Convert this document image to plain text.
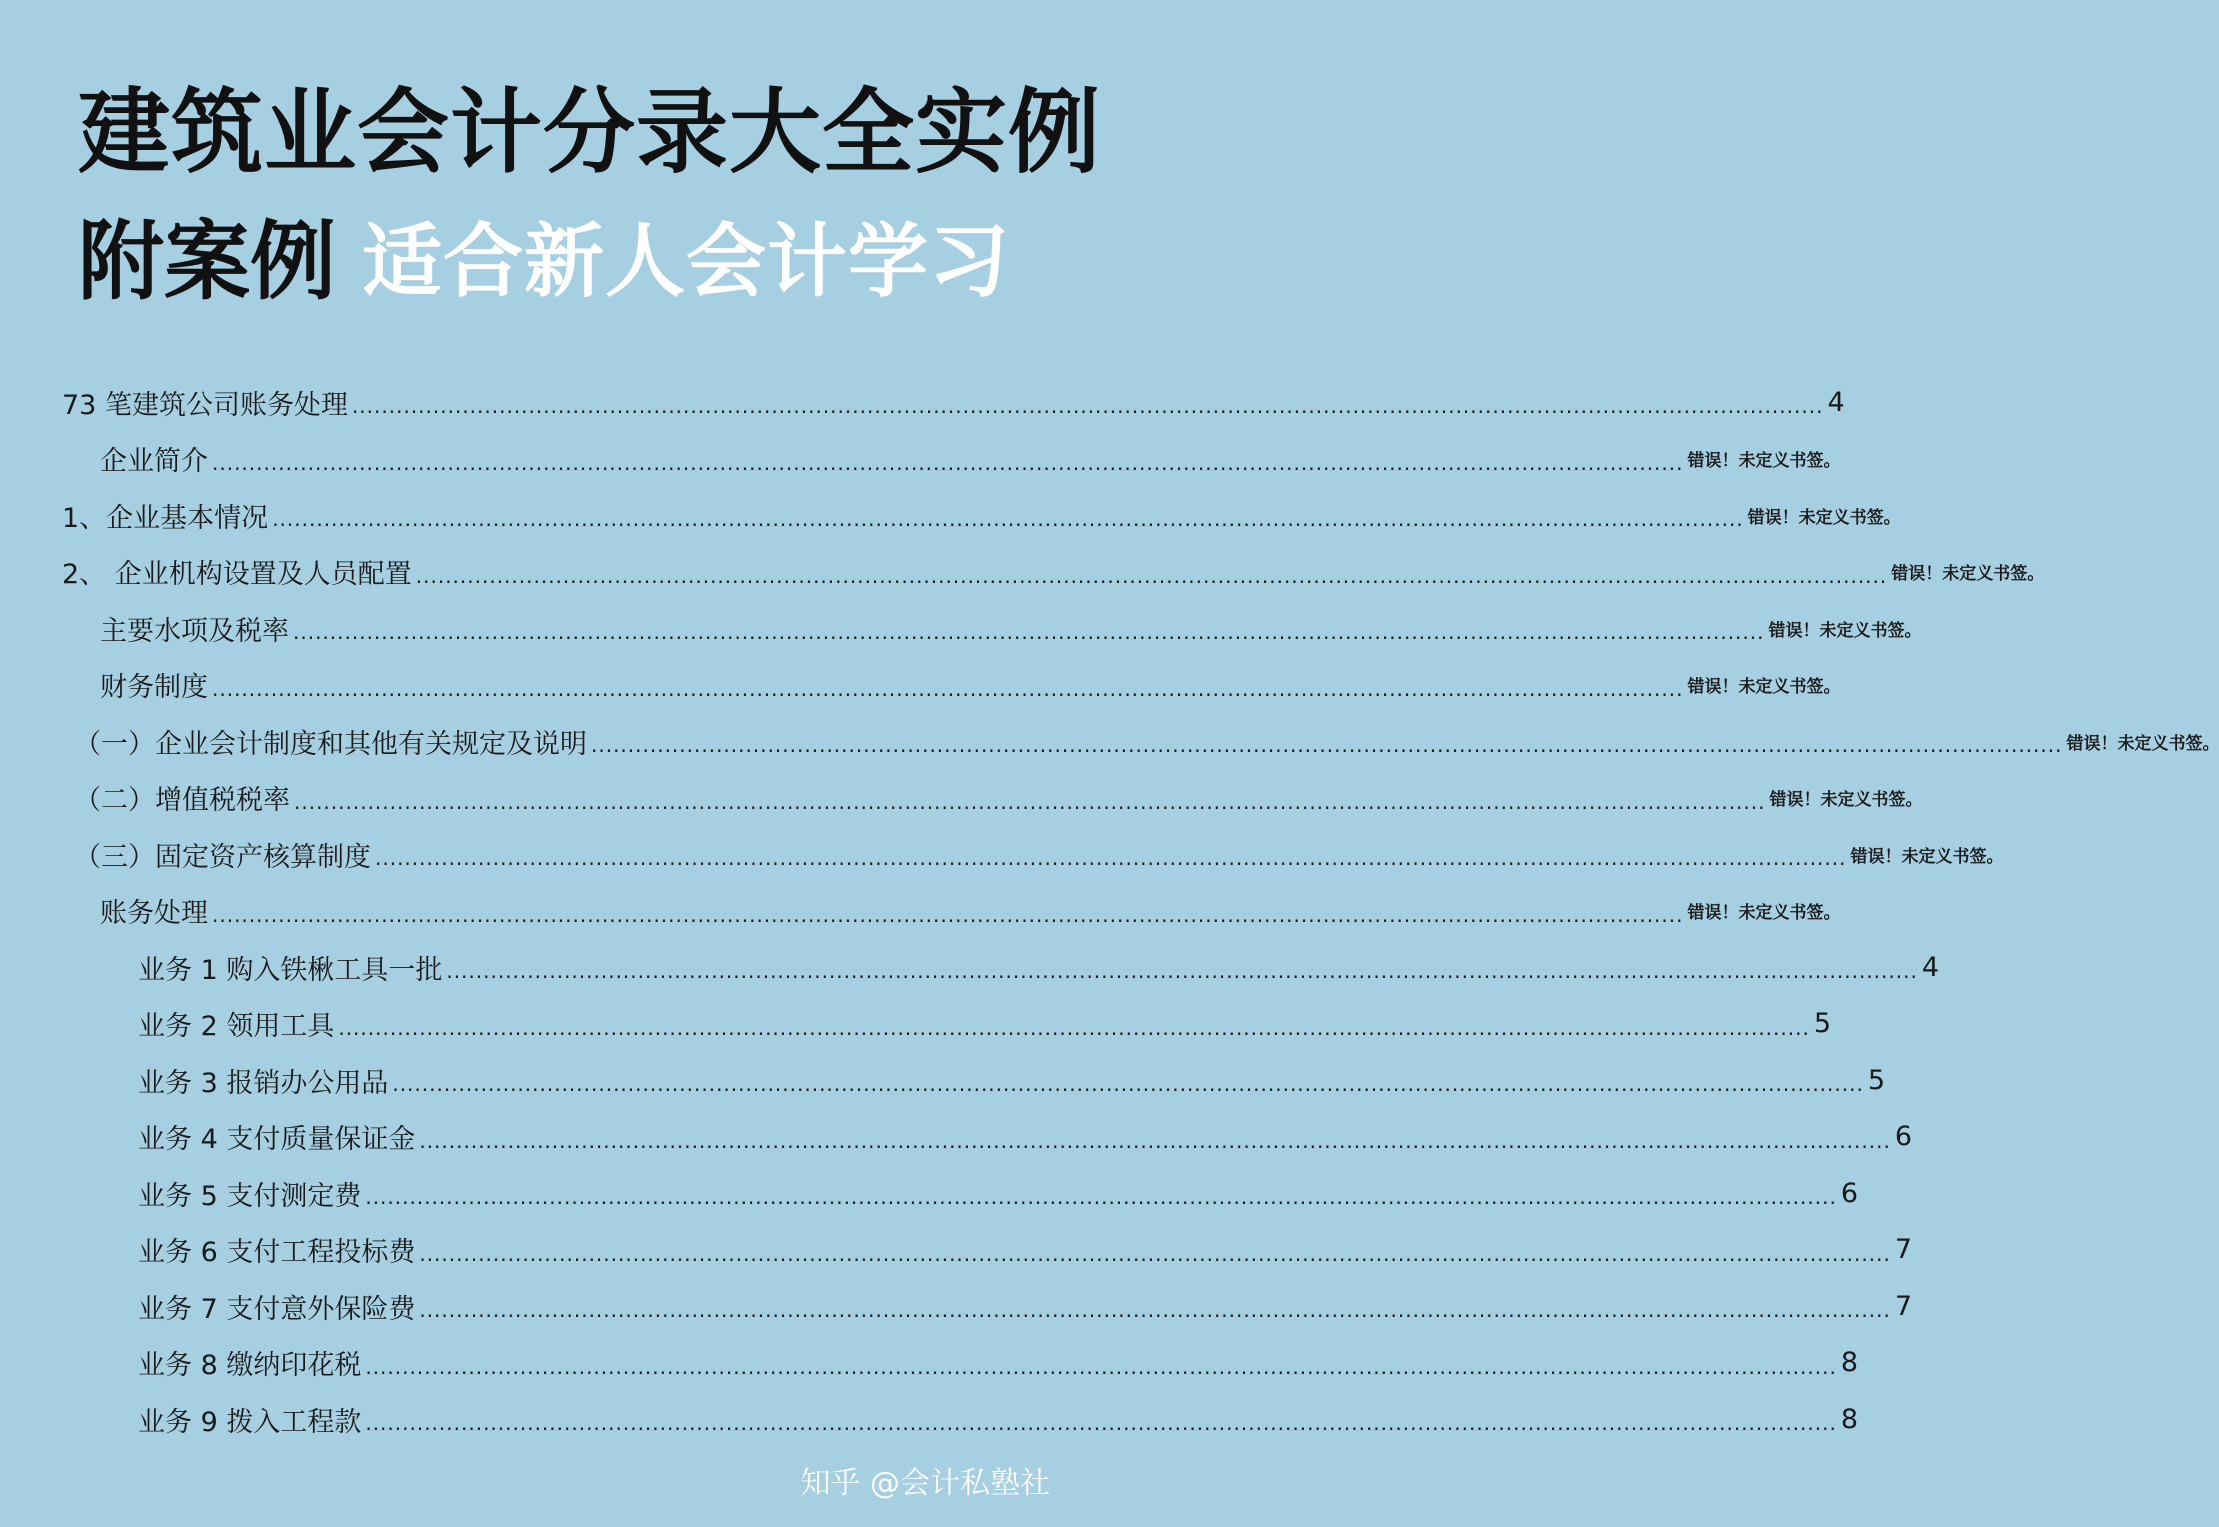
建筑业会计分录大全实例
附案例 适合新人会计学习
73 笔建筑公司账务处理 ........................................................................................................................................................................................................ 4
企业简介 ........................................................................................................................................................................................................ 错误！未定义书签。
1、企业基本情况 ........................................................................................................................................................................................................ 错误！未定义书签。
2、 企业机构设置及人员配置 ........................................................................................................................................................................................................ 错误！未定义书签。
主要水项及税率 ........................................................................................................................................................................................................ 错误！未定义书签。
财务制度 ........................................................................................................................................................................................................ 错误！未定义书签。
（一）企业会计制度和其他有关规定及说明 ........................................................................................................................................................................................................ 错误！未定义书签。
（二）增值税税率 ........................................................................................................................................................................................................ 错误！未定义书签。
（三）固定资产核算制度 ........................................................................................................................................................................................................ 错误！未定义书签。
账务处理 ........................................................................................................................................................................................................ 错误！未定义书签。
业务 1 购入铁楸工具一批 ........................................................................................................................................................................................................ 4
业务 2 领用工具 ........................................................................................................................................................................................................ 5
业务 3 报销办公用品 ........................................................................................................................................................................................................ 5
业务 4 支付质量保证金 ........................................................................................................................................................................................................ 6
业务 5 支付测定费 ........................................................................................................................................................................................................ 6
业务 6 支付工程投标费 ........................................................................................................................................................................................................ 7
业务 7 支付意外保险费 ........................................................................................................................................................................................................ 7
业务 8 缴纳印花税 ........................................................................................................................................................................................................ 8
业务 9 拨入工程款 ........................................................................................................................................................................................................ 8
知乎 @会计私塾社
